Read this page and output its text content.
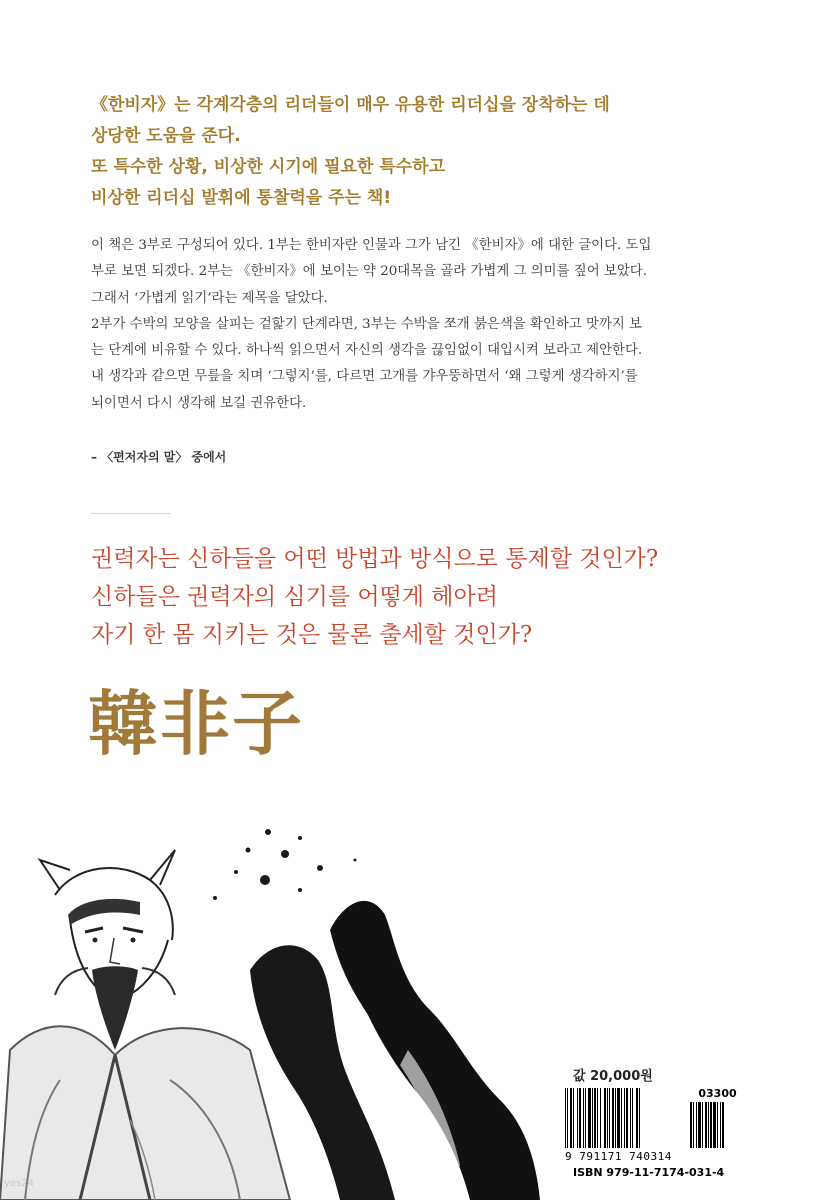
《한비자》는 각계각층의 리더들이 매우 유용한 리더십을 장착하는 데
상당한 도움을 준다.
또 특수한 상황, 비상한 시기에 필요한 특수하고
비상한 리더십 발휘에 통찰력을 주는 책!
이 책은 3부로 구성되어 있다. 1부는 한비자란 인물과 그가 남긴 《한비자》에 대한 글이다. 도입
부로 보면 되겠다. 2부는 《한비자》에 보이는 약 20대목을 골라 가볍게 그 의미를 짚어 보았다.
그래서 ‘가볍게 읽기’라는 제목을 달았다.
2부가 수박의 모양을 살피는 겉핥기 단계라면, 3부는 수박을 쪼개 붉은색을 확인하고 맛까지 보
는 단계에 비유할 수 있다. 하나씩 읽으면서 자신의 생각을 끊임없이 대입시켜 보라고 제안한다.
내 생각과 같으면 무릎을 치며 ‘그렇지’를, 다르면 고개를 갸우뚱하면서 ‘왜 그렇게 생각하지’를
뇌이면서 다시 생각해 보길 권유한다.
– 〈편저자의 말〉 중에서
권력자는 신하들을 어떤 방법과 방식으로 통제할 것인가?
신하들은 권력자의 심기를 어떻게 헤아려
자기 한 몸 지키는 것은 물론 출세할 것인가?
韓非子
값 20,000원
03300
9 791171 740314
ISBN 979-11-7174-031-4
yes24
